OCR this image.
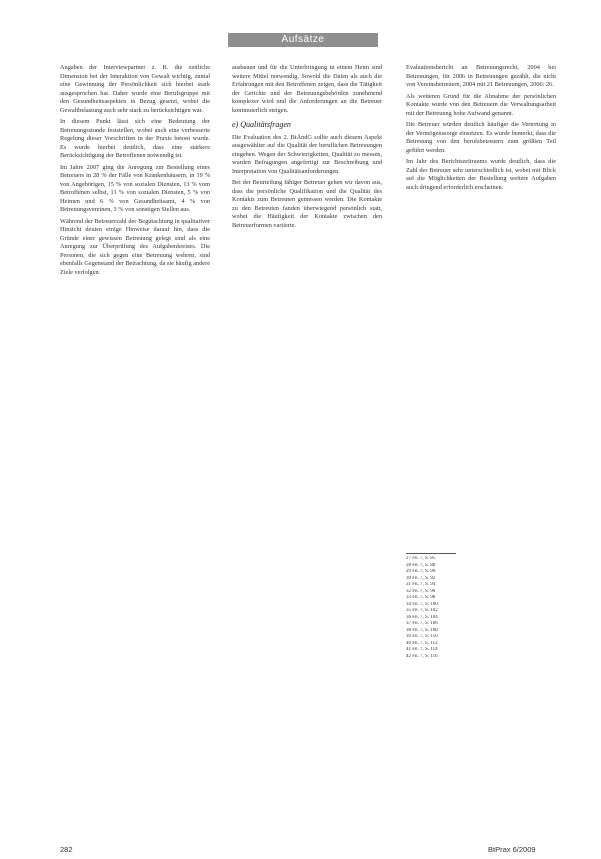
Aufsätze

Angaben der Interviewpartner z. B. die zeitliche Dimension bei der Interaktion von Gewalt wichtig, zumal eine Gewinnung der Persönlichkeit sich hierbei stark ausgesprochen hat. Daher wurde eine Berufsgruppe mit den Gesundheitsaspekten in Bezug gesetzt, wobei die Gewaltbelastung auch sehr stark zu berücksichtigen war.

In diesem Punkt lässt sich eine Bedeutung der Betreuungsstunde feststellen, wobei auch eine verbesserte Regelung dieser Vorschriften in der Praxis betont wurde. Es wurde hierbei deutlich, dass eine stärkere Berücksichtigung der Betroffenen notwendig ist.

Im Jahre 2007 ging die Anregung zur Bestellung eines Betreuers in 28 % der Fälle von Krankenhäusern, in 19 % von Angehörigen, 15 % von sozialen Diensten, 13 % vom Betroffenen selbst, 11 % von sozialen Diensten, 5 % von Heimen und 6 % von Gesundheitsamt, 4 % von Betreuungsvereinen, 3 % von sonstigen Stellen aus.

Während der Betreuerzahl der Begutachtung in qualitativer Hinsicht deuten einige Hinweise darauf hin, dass die Gründe einer gewissen Betreuung gelegt sind als eine Anregung zur Überprüfung des Aufgabenkreises. Die Personen, die sich gegen eine Betreuung wehren, sind ebenfalls Gegenstand der Betrachtung, da sie häufig andere Ziele verfolgen.

ausbauen und für die Unterbringung in einem Heim sind weitere Mittel notwendig. Sowohl die Daten als auch die Erfahrungen mit den Betroffenen zeigen, dass die Tätigkeit der Gerichte und der Betreuungsbehörden zunehmend komplexer wird und die Anforderungen an die Betreuer kontinuierlich steigen.

e) Qualitätsfragen

Die Evaluation des 2. BtÄndG sollte auch diesem Aspekt ausgewählter auf die Qualität der beruflichen Betreuungen eingehen. Wegen der Schwierigkeiten, Qualität zu messen, wurden Befragungen angefertigt zur Beschreibung und Interpretation von Qualitätsanforderungen.

Bei der Beurteilung fähiger Betreuer gehen wir davon aus, dass die persönliche Qualifikation und die Qualität des Kontakts zum Betreuten gemessen werden. Die Kontakte zu den Betreuten fanden überwiegend persönlich statt, wobei die Häufigkeit der Kontakte zwischen den Betreuerformen variierte.

Evaluationsbericht an Betreuungsrecht, 2004 bei Betreuungen, für 2006 in Betreuungen gezählt, die nicht von Vereinsbetreuern, 2004 mit 21 Betreuungen, 2006: 26.

Als weiteren Grund für die Abnahme der persönlichen Kontakte wurde von den Betreuern die Verwaltungsarbeit mit der Betreuung hohe Aufwand genannt.

Die Betreuer würden deutlich häufiger die Vertretung in der Vermögenssorge einsetzen. Es wurde bemerkt, dass die Betreuung von den berufsbetreuern zum größten Teil geführt werden.

Im Jahr des Berichtszeitraums wurde deutlich, dass die Zahl der Betreuer sehr unterschiedlich ist, wobei mit Blick auf die Möglichkeiten der Bestellung weitere Aufgaben auch dringend erforderlich erscheinen.

27 Fn. 7, S. 85
28 Fn. 7, S. 88
29 Fn. 7, S. 90
30 Fn. 7, S. 92
31 Fn. 7, S. 94
32 Fn. 7, S. 96
33 Fn. 7, S. 98
34 Fn. 7, S. 100
35 Fn. 7, S. 102
36 Fn. 7, S. 104
37 Fn. 7, S. 106
38 Fn. 7, S. 108
39 Fn. 7, S. 110
40 Fn. 7, S. 112
41 Fn. 7, S. 114
42 Fn. 7, S. 116
282	BtPrax 6/2009
